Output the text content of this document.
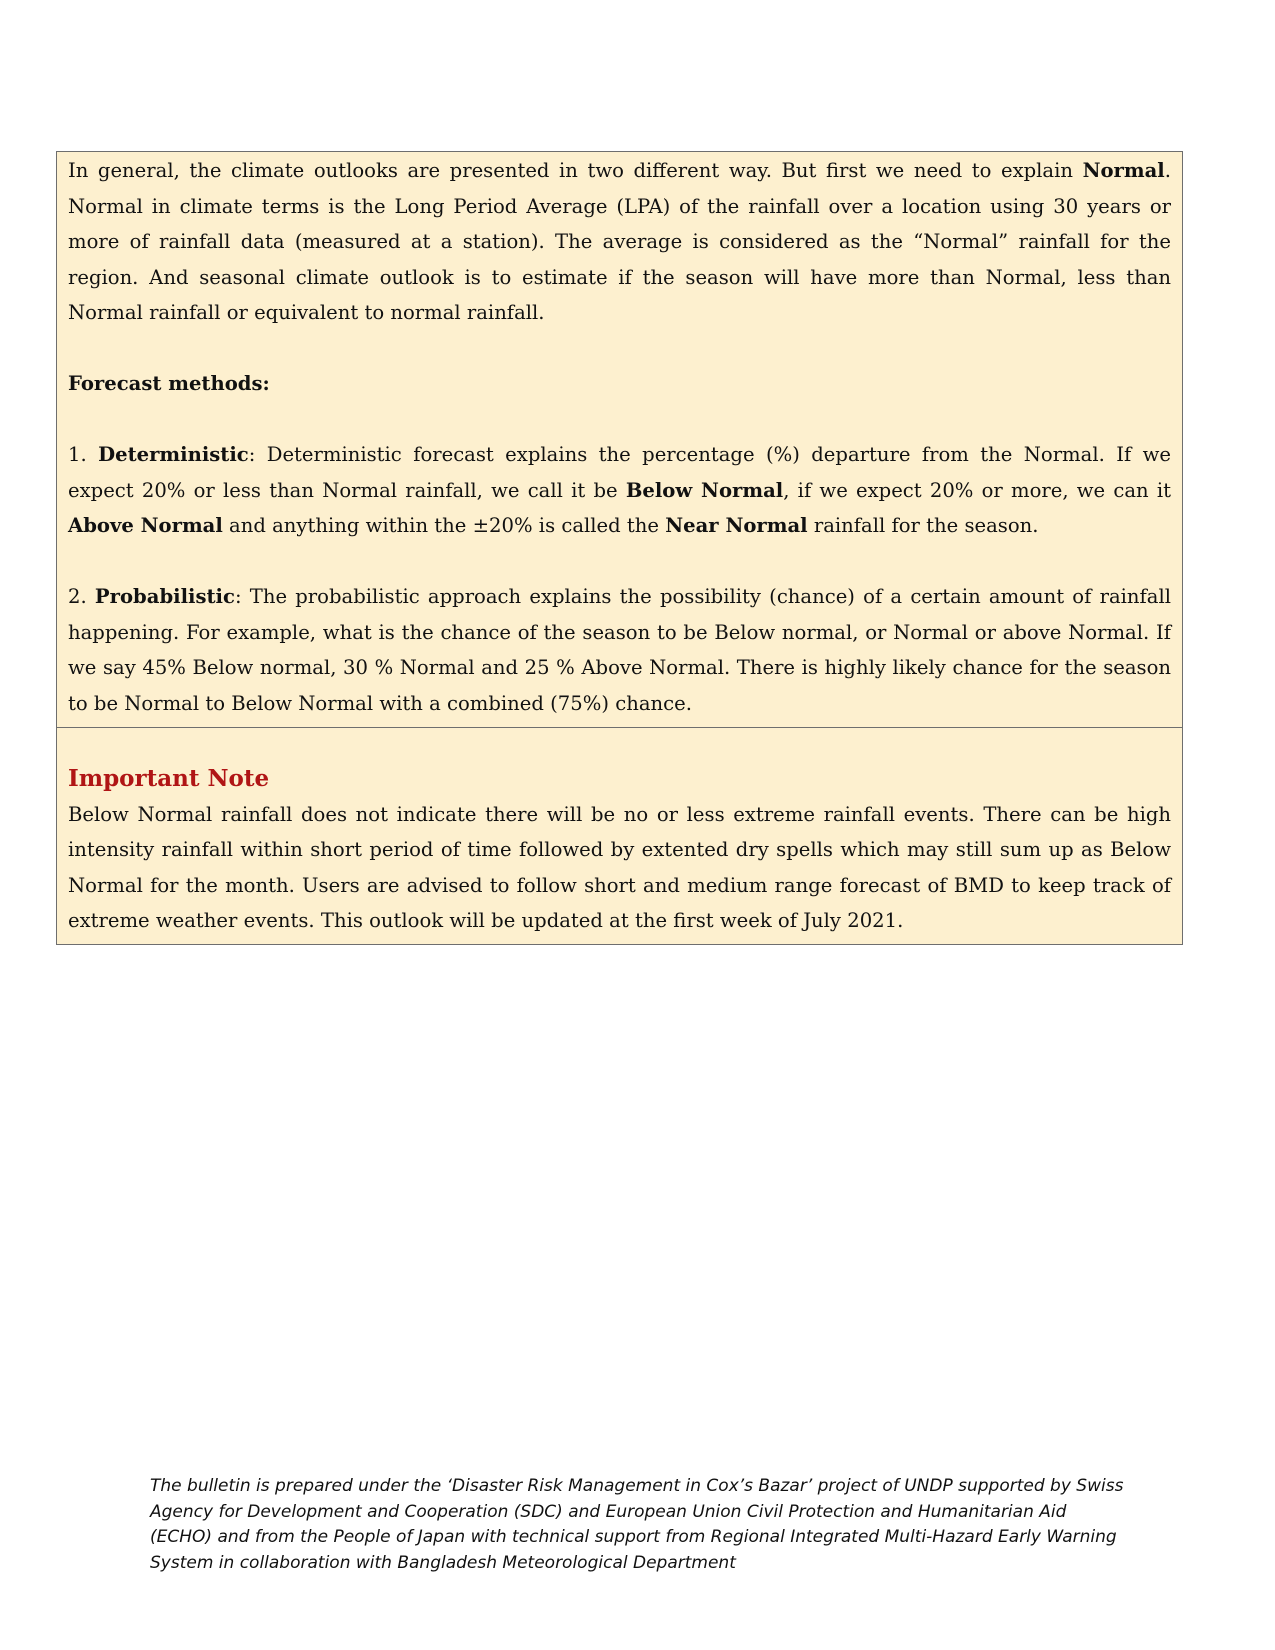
In general, the climate outlooks are presented in two different way. But first we need to explain Normal. Normal in climate terms is the Long Period Average (LPA) of the rainfall over a location using 30 years or more of rainfall data (measured at a station). The average is considered as the “Normal” rainfall for the region. And seasonal climate outlook is to estimate if the season will have more than Normal, less than Normal rainfall or equivalent to normal rainfall.

Forecast methods:

1. Deterministic: Deterministic forecast explains the percentage (%) departure from the Normal. If we expect 20% or less than Normal rainfall, we call it be Below Normal, if we expect 20% or more, we can it Above Normal and anything within the ±20% is called the Near Normal rainfall for the season.

2. Probabilistic: The probabilistic approach explains the possibility (chance) of a certain amount of rainfall happening. For example, what is the chance of the season to be Below normal, or Normal or above Normal. If we say 45% Below normal, 30 % Normal and 25 % Above Normal. There is highly likely chance for the season to be Normal to Below Normal with a combined (75%) chance.

Important Note

Below Normal rainfall does not indicate there will be no or less extreme rainfall events. There can be high intensity rainfall within short period of time followed by extented dry spells which may still sum up as Below Normal for the month. Users are advised to follow short and medium range forecast of BMD to keep track of extreme weather events. This outlook will be updated at the first week of July 2021.

The bulletin is prepared under the ‘Disaster Risk Management in Cox’s Bazar’ project of UNDP supported by Swiss Agency for Development and Cooperation (SDC) and European Union Civil Protection and Humanitarian Aid (ECHO) and from the People of Japan with technical support from Regional Integrated Multi-Hazard Early Warning System in collaboration with Bangladesh Meteorological Department
